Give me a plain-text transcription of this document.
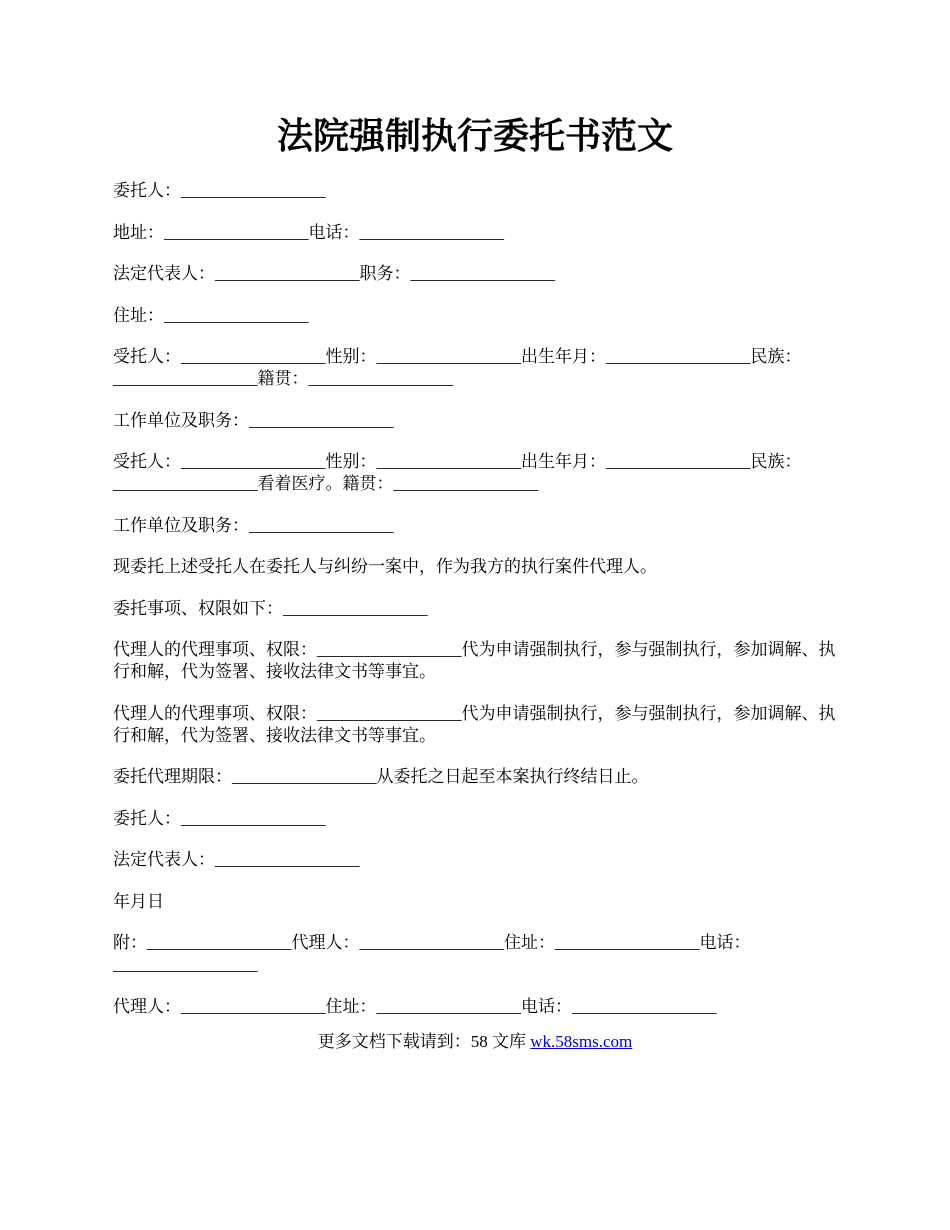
法院强制执行委托书范文

委托人：_________________

地址：_________________电话：_________________

法定代表人：_________________职务：_________________

住址：_________________

受托人：_________________性别：_________________出生年月：_________________民族：_________________籍贯：_________________

工作单位及职务：_________________

受托人：_________________性别：_________________出生年月：_________________民族：_________________看着医疗。籍贯：_________________

工作单位及职务：_________________

现委托上述受托人在委托人与纠纷一案中，作为我方的执行案件代理人。

委托事项、权限如下：_________________

代理人的代理事项、权限：_________________代为申请强制执行，参与强制执行，参加调解、执行和解，代为签署、接收法律文书等事宜。

代理人的代理事项、权限：_________________代为申请强制执行，参与强制执行，参加调解、执行和解，代为签署、接收法律文书等事宜。

委托代理期限：_________________从委托之日起至本案执行终结日止。

委托人：_________________

法定代表人：_________________

年月日

附：_________________代理人：_________________住址：_________________电话：_________________

代理人：_________________住址：_________________电话：_________________

更多文档下载请到：58 文库 wk.58sms.com
